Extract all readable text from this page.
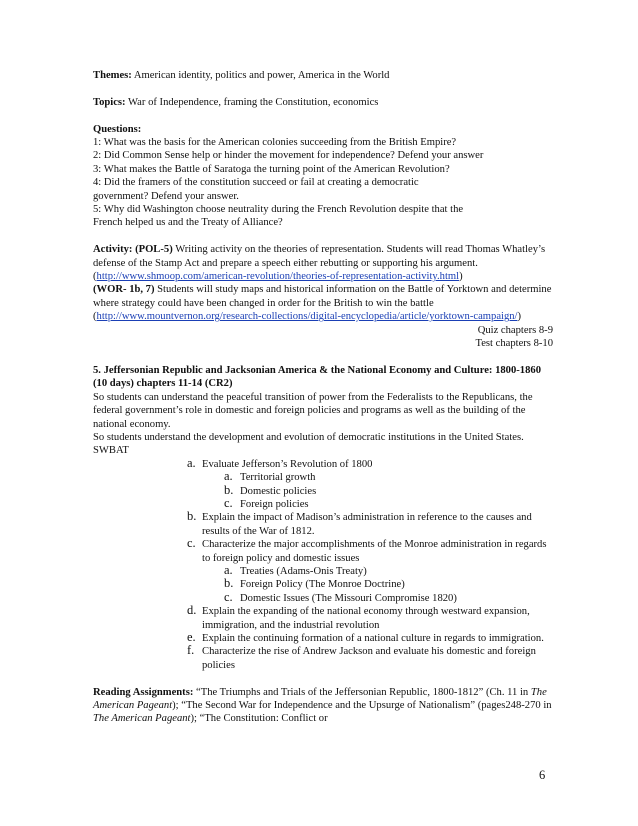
Themes: American identity, politics and power, America in the World

Topics: War of Independence, framing the Constitution, economics

Questions:

1: What was the basis for the American colonies succeeding from the British Empire?

2: Did Common Sense help or hinder the movement for independence? Defend your answer

3: What makes the Battle of Saratoga the turning point of the American Revolution?

4: Did the framers of the constitution succeed or fail at creating a democratic

government? Defend your answer.

5: Why did Washington choose neutrality during the French Revolution despite that the

French helped us and the Treaty of Alliance?

Activity: (POL-5) Writing activity on the theories of representation. Students will read Thomas Whatley’s defense of the Stamp Act and prepare a speech either rebutting or supporting his argument. (http://www.shmoop.com/american-revolution/theories-of-representation-activity.html)
(WOR- 1b, 7) Students will study maps and historical information on the Battle of Yorktown and determine where strategy could have been changed in order for the British to win the battle (http://www.mountvernon.org/research-collections/digital-encyclopedia/article/yorktown-campaign/)

Quiz chapters 8-9

Test chapters 8-10

5. Jeffersonian Republic and Jacksonian America & the National Economy and Culture: 1800-1860 (10 days) chapters 11-14 (CR2)

So students can understand the peaceful transition of power from the Federalists to the Republicans, the federal government’s role in domestic and foreign policies and programs as well as the building of the national economy.

So students understand the development and evolution of democratic institutions in the United States. SWBAT

a. Evaluate Jefferson’s Revolution of 1800
a. Territorial growth
b. Domestic policies
c. Foreign policies
b. Explain the impact of Madison’s administration in reference to the causes and results of the War of 1812.
c. Characterize the major accomplishments of the Monroe administration in regards to foreign policy and domestic issues
a. Treaties (Adams-Onis Treaty)
b. Foreign Policy (The Monroe Doctrine)
c. Domestic Issues (The Missouri Compromise 1820)
d. Explain the expanding of the national economy through westward expansion, immigration, and the industrial revolution
e. Explain the continuing formation of a national culture in regards to immigration.
f. Characterize the rise of Andrew Jackson and evaluate his domestic and foreign policies

Reading Assignments: “The Triumphs and Trials of the Jeffersonian Republic, 1800-1812” (Ch. 11 in The American Pageant); “The Second War for Independence and the Upsurge of Nationalism” (pages248-270 in The American Pageant); “The Constitution: Conflict or

6
